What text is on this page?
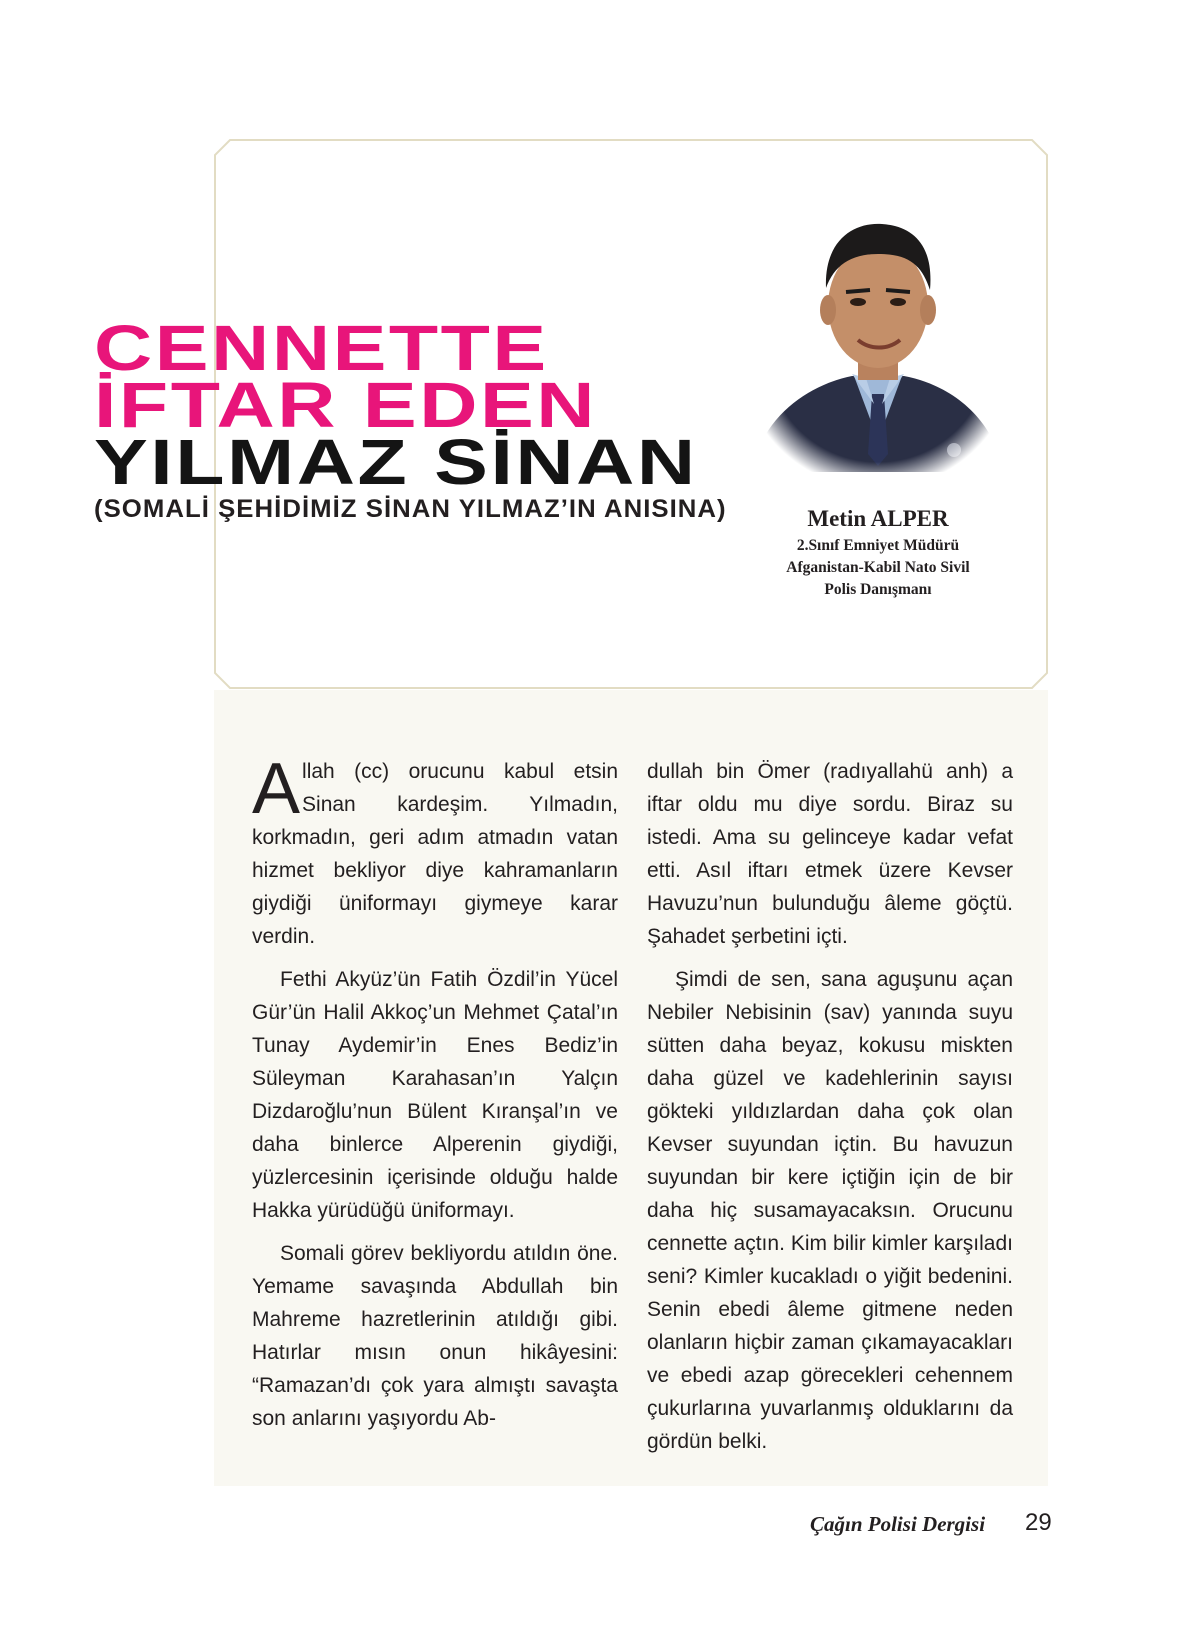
CENNETTE
İFTAR EDEN
YILMAZ SİNAN
(SOMALİ ŞEHİDİMİZ SİNAN YILMAZ’IN ANISINA)	Metin ALPER

2.Sınıf Emniyet Müdürü

Afganistan-Kabil Nato Sivil

Polis Danışmanı

Allah (cc) orucunu kabul etsin Sinan kardeşim. Yılmadın, korkmadın, geri adım atmadın vatan hizmet bekliyor diye kahramanların giydiği üniformayı giymeye karar verdin.

Fethi Akyüz’ün Fatih Özdil’in Yücel Gür’ün Halil Akkoç’un Mehmet Çatal’ın Tunay Aydemir’in Enes Bediz’in Süleyman Karahasan’ın Yalçın Dizdaroğlu’nun Bülent Kıranşal’ın ve daha binlerce Alperenin giydiği, yüzlercesinin içerisinde olduğu halde Hakka yürüdüğü üniformayı.

Somali görev bekliyordu atıldın öne. Yemame savaşında Abdullah bin Mahreme hazretlerinin atıldığı gibi. Hatırlar mısın onun hikâyesini: “Ramazan’dı çok yara almıştı savaşta son anlarını yaşıyordu Ab-

dullah bin Ömer (radıyallahü anh) a iftar oldu mu diye sordu. Biraz su istedi. Ama su gelinceye kadar vefat etti. Asıl iftarı etmek üzere Kevser Havuzu’nun bulunduğu âleme göçtü. Şahadet şerbetini içti.

Şimdi de sen, sana aguşunu açan Nebiler Nebisinin (sav) yanında suyu sütten daha beyaz, kokusu miskten daha güzel ve kadehlerinin sayısı gökteki yıldızlardan daha çok olan Kevser suyundan içtin. Bu havuzun suyundan bir kere içtiğin için de bir daha hiç susamayacaksın. Orucunu cennette açtın. Kim bilir kimler karşıladı seni? Kimler kucakladı o yiğit bedenini. Senin ebedi âleme gitmene neden olanların hiçbir zaman çıkamayacakları ve ebedi azap görecekleri cehennem çukurlarına yuvarlanmış olduklarını da gördün belki.

Çağın Polisi Dergisi 29
